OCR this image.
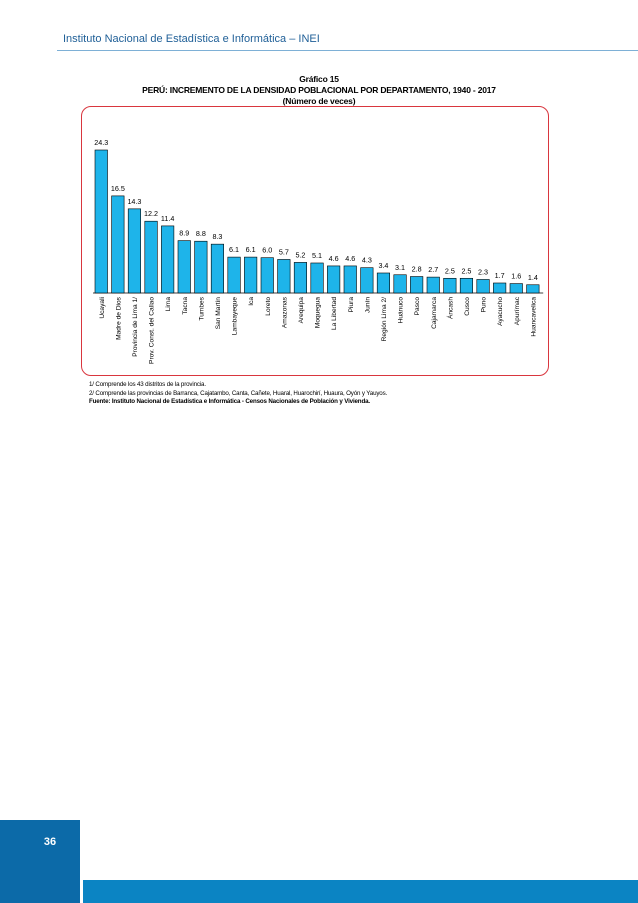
Instituto Nacional de Estadística e Informática – INEI
Gráfico 15
PERÚ: INCREMENTO DE LA DENSIDAD POBLACIONAL POR DEPARTAMENTO, 1940 - 2017
(Número de veces)
24.3
Ucayali
16.5
Madre de Dios
14.3
Provincia de Lima 1/
12.2
Prov. Const. del Callao
11.4
Lima
8.9
Tacna
8.8
Tumbes
8.3
San Martín
6.1
Lambayeque
6.1
Ica
6.0
Loreto
5.7
Amazonas
5.2
Arequipa
5.1
Moquegua
4.6
La Libertad
4.6
Piura
4.3
Junín
3.4
Región Lima 2/
3.1
Huánuco
2.8
Pasco
2.7
Cajamarca
2.5
Áncash
2.5
Cusco
2.3
Puno
1.7
Ayacucho
1.6
Apurímac
1.4
Huancavelica
1/ Comprende los 43 distritos de la provincia.
2/ Comprende las provincias de Barranca, Cajatambo, Canta, Cañete, Huaral, Huarochirí, Huaura, Oyón y Yauyos.
Fuente: Instituto Nacional de Estadística e Informática - Censos Nacionales de Población y Vivienda.
36
